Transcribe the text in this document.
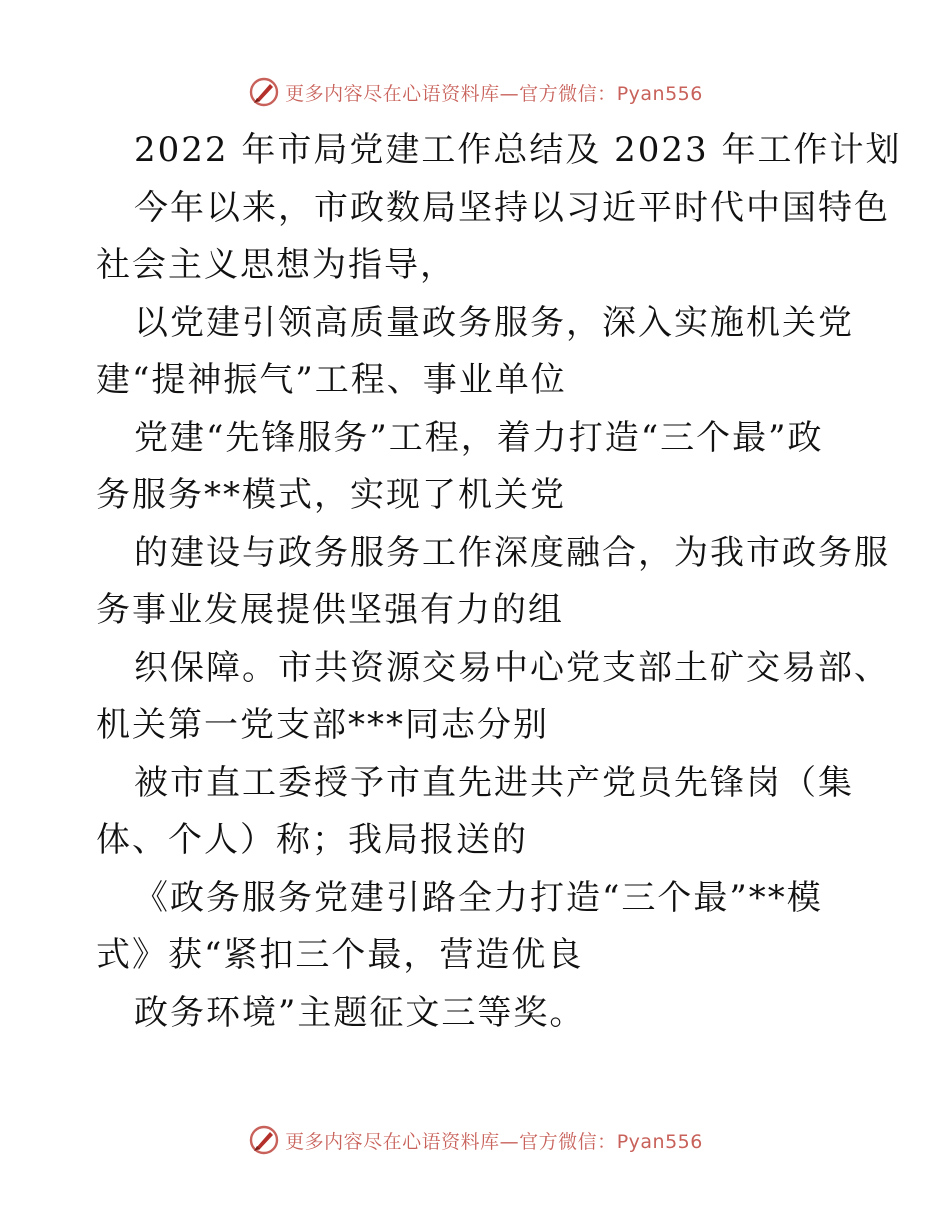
更多内容尽在心语资料库—官方微信：Pyan556
2022 年市局党建工作总结及 2023 年工作计划
今年以来，市政数局坚持以习近平时代中国特色
社会主义思想为指导，
以党建引领高质量政务服务，深入实施机关党
建“提神振气”工程、事业单位
党建“先锋服务”工程，着力打造“三个最”政
务服务**模式，实现了机关党
的建设与政务服务工作深度融合，为我市政务服
务事业发展提供坚强有力的组
织保障。市共资源交易中心党支部土矿交易部、
机关第一党支部***同志分别
被市直工委授予市直先进共产党员先锋岗（集
体、个人）称；我局报送的
《政务服务党建引路全力打造“三个最”**模
式》获“紧扣三个最，营造优良
政务环境”主题征文三等奖。
更多内容尽在心语资料库—官方微信：Pyan556
